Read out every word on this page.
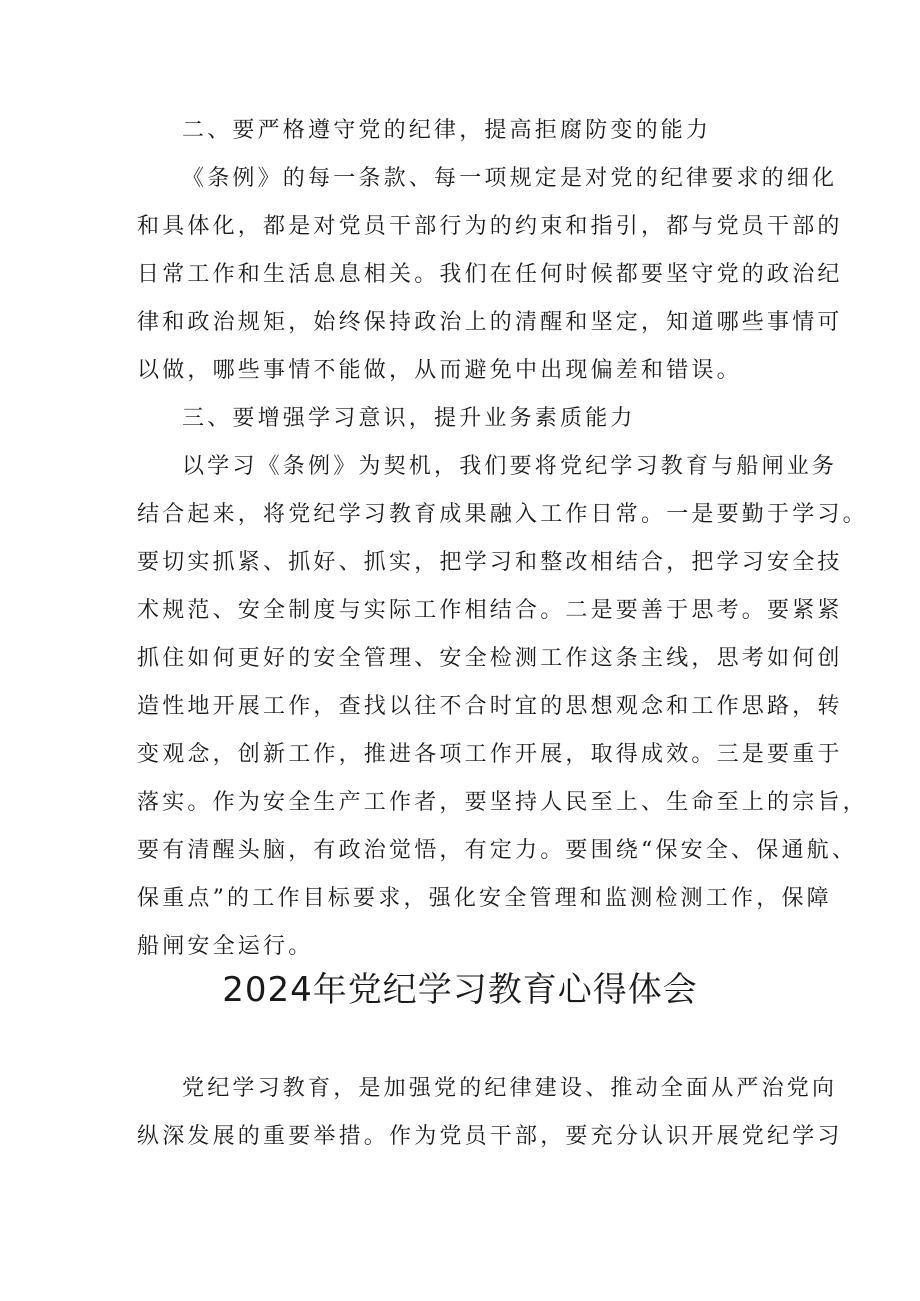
二、要严格遵守党的纪律，提高拒腐防变的能力
《条例》的每一条款、每一项规定是对党的纪律要求的细化
和具体化，都是对党员干部行为的约束和指引，都与党员干部的
日常工作和生活息息相关。我们在任何时候都要坚守党的政治纪
律和政治规矩，始终保持政治上的清醒和坚定，知道哪些事情可
以做，哪些事情不能做，从而避免中出现偏差和错误。
三、要增强学习意识，提升业务素质能力
以学习《条例》为契机，我们要将党纪学习教育与船闸业务
结合起来，将党纪学习教育成果融入工作日常。一是要勤于学习。
要切实抓紧、抓好、抓实，把学习和整改相结合，把学习安全技
术规范、安全制度与实际工作相结合。二是要善于思考。要紧紧
抓住如何更好的安全管理、安全检测工作这条主线，思考如何创
造性地开展工作，查找以往不合时宜的思想观念和工作思路，转
变观念，创新工作，推进各项工作开展，取得成效。三是要重于
落实。作为安全生产工作者，要坚持人民至上、生命至上的宗旨，
要有清醒头脑，有政治觉悟，有定力。要围绕“保安全、保通航、
保重点”的工作目标要求，强化安全管理和监测检测工作，保障
船闸安全运行。
2024年党纪学习教育心得体会
党纪学习教育，是加强党的纪律建设、推动全面从严治党向
纵深发展的重要举措。作为党员干部，要充分认识开展党纪学习
